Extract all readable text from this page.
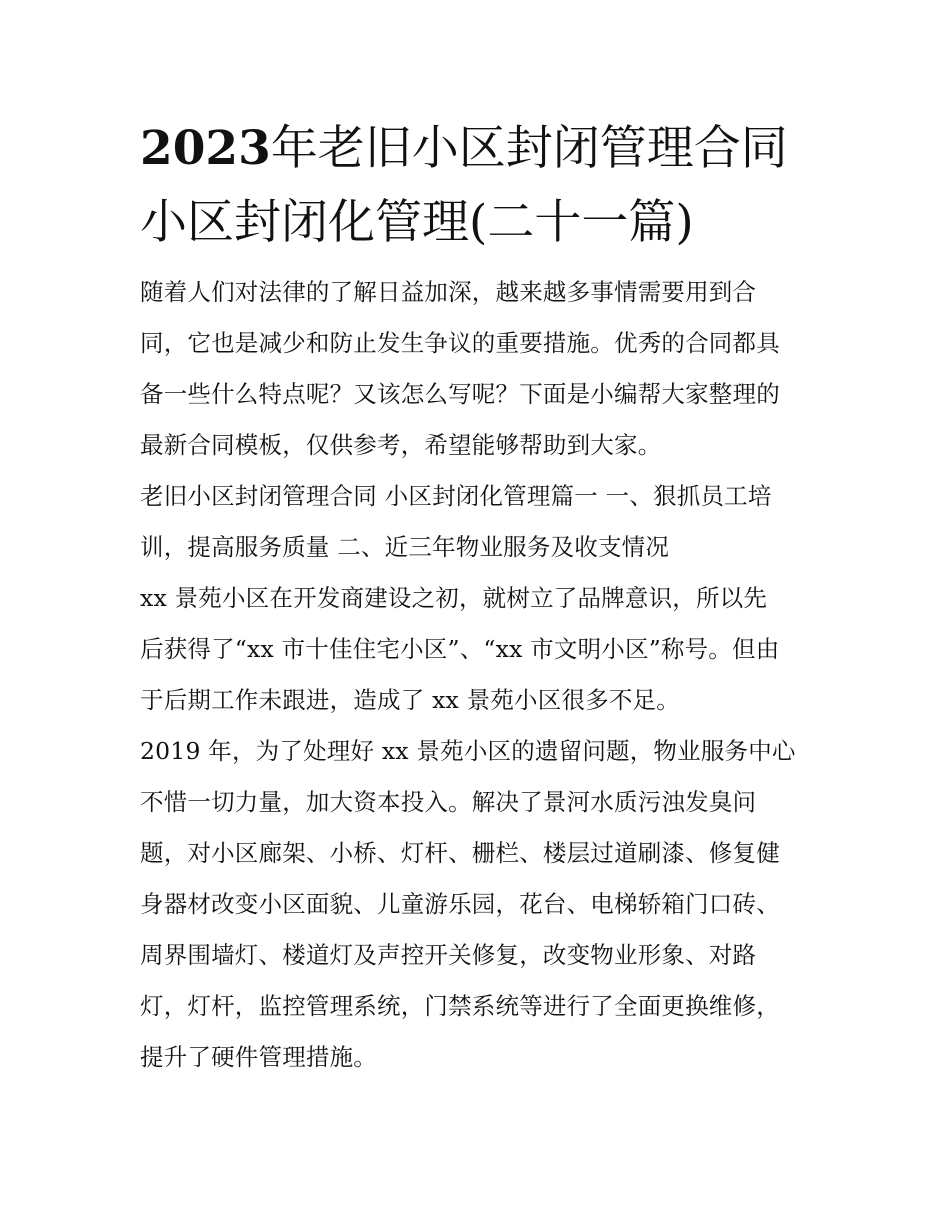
2023年老旧小区封闭管理合同
小区封闭化管理(二十一篇)

随着人们对法律的了解日益加深，越来越多事情需要用到合
同，它也是减少和防止发生争议的重要措施。优秀的合同都具
备一些什么特点呢？又该怎么写呢？下面是小编帮大家整理的
最新合同模板，仅供参考，希望能够帮助到大家。

老旧小区封闭管理合同 小区封闭化管理篇一 一、狠抓员工培
训，提高服务质量 二、近三年物业服务及收支情况

xx 景苑小区在开发商建设之初，就树立了品牌意识，所以先
后获得了“xx 市十佳住宅小区”、“xx 市文明小区”称号。但由
于后期工作未跟进，造成了 xx 景苑小区很多不足。

2019 年，为了处理好 xx 景苑小区的遗留问题，物业服务中心
不惜一切力量，加大资本投入。解决了景河水质污浊发臭问
题，对小区廊架、小桥、灯杆、栅栏、楼层过道刷漆、修复健
身器材改变小区面貌、儿童游乐园，花台、电梯轿箱门口砖、
周界围墙灯、楼道灯及声控开关修复，改变物业形象、对路
灯，灯杆，监控管理系统，门禁系统等进行了全面更换维修，
提升了硬件管理措施。
